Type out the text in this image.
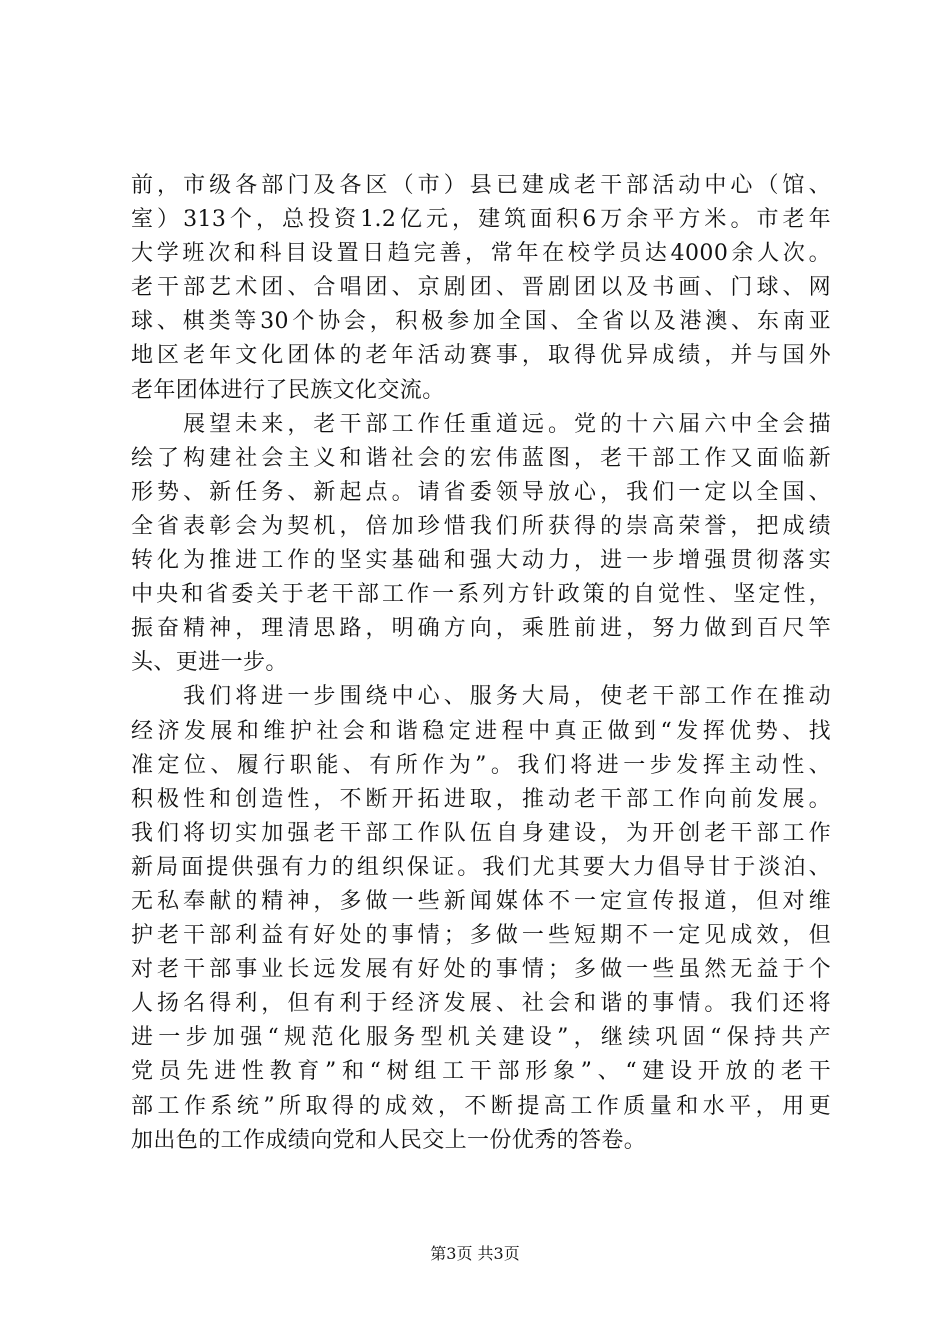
前，市级各部门及各区（市）县已建成老干部活动中心（馆、
室）313个，总投资1.2亿元，建筑面积6万余平方米。市老年
大学班次和科目设置日趋完善，常年在校学员达4000余人次。
老干部艺术团、合唱团、京剧团、晋剧团以及书画、门球、网
球、棋类等30个协会，积极参加全国、全省以及港澳、东南亚
地区老年文化团体的老年活动赛事，取得优异成绩，并与国外
老年团体进行了民族文化交流。
　　展望未来，老干部工作任重道远。党的十六届六中全会描
绘了构建社会主义和谐社会的宏伟蓝图，老干部工作又面临新
形势、新任务、新起点。请省委领导放心，我们一定以全国、
全省表彰会为契机，倍加珍惜我们所获得的崇高荣誉，把成绩
转化为推进工作的坚实基础和强大动力，进一步增强贯彻落实
中央和省委关于老干部工作一系列方针政策的自觉性、坚定性，
振奋精神，理清思路，明确方向，乘胜前进，努力做到百尺竿
头、更进一步。
　　我们将进一步围绕中心、服务大局，使老干部工作在推动
经济发展和维护社会和谐稳定进程中真正做到“发挥优势、找
准定位、履行职能、有所作为”。我们将进一步发挥主动性、
积极性和创造性，不断开拓进取，推动老干部工作向前发展。
我们将切实加强老干部工作队伍自身建设，为开创老干部工作
新局面提供强有力的组织保证。我们尤其要大力倡导甘于淡泊、
无私奉献的精神，多做一些新闻媒体不一定宣传报道，但对维
护老干部利益有好处的事情；多做一些短期不一定见成效，但
对老干部事业长远发展有好处的事情；多做一些虽然无益于个
人扬名得利，但有利于经济发展、社会和谐的事情。我们还将
进一步加强“规范化服务型机关建设”，继续巩固“保持共产
党员先进性教育”和“树组工干部形象”、“建设开放的老干
部工作系统”所取得的成效，不断提高工作质量和水平，用更
加出色的工作成绩向党和人民交上一份优秀的答卷。
第3页 共3页
